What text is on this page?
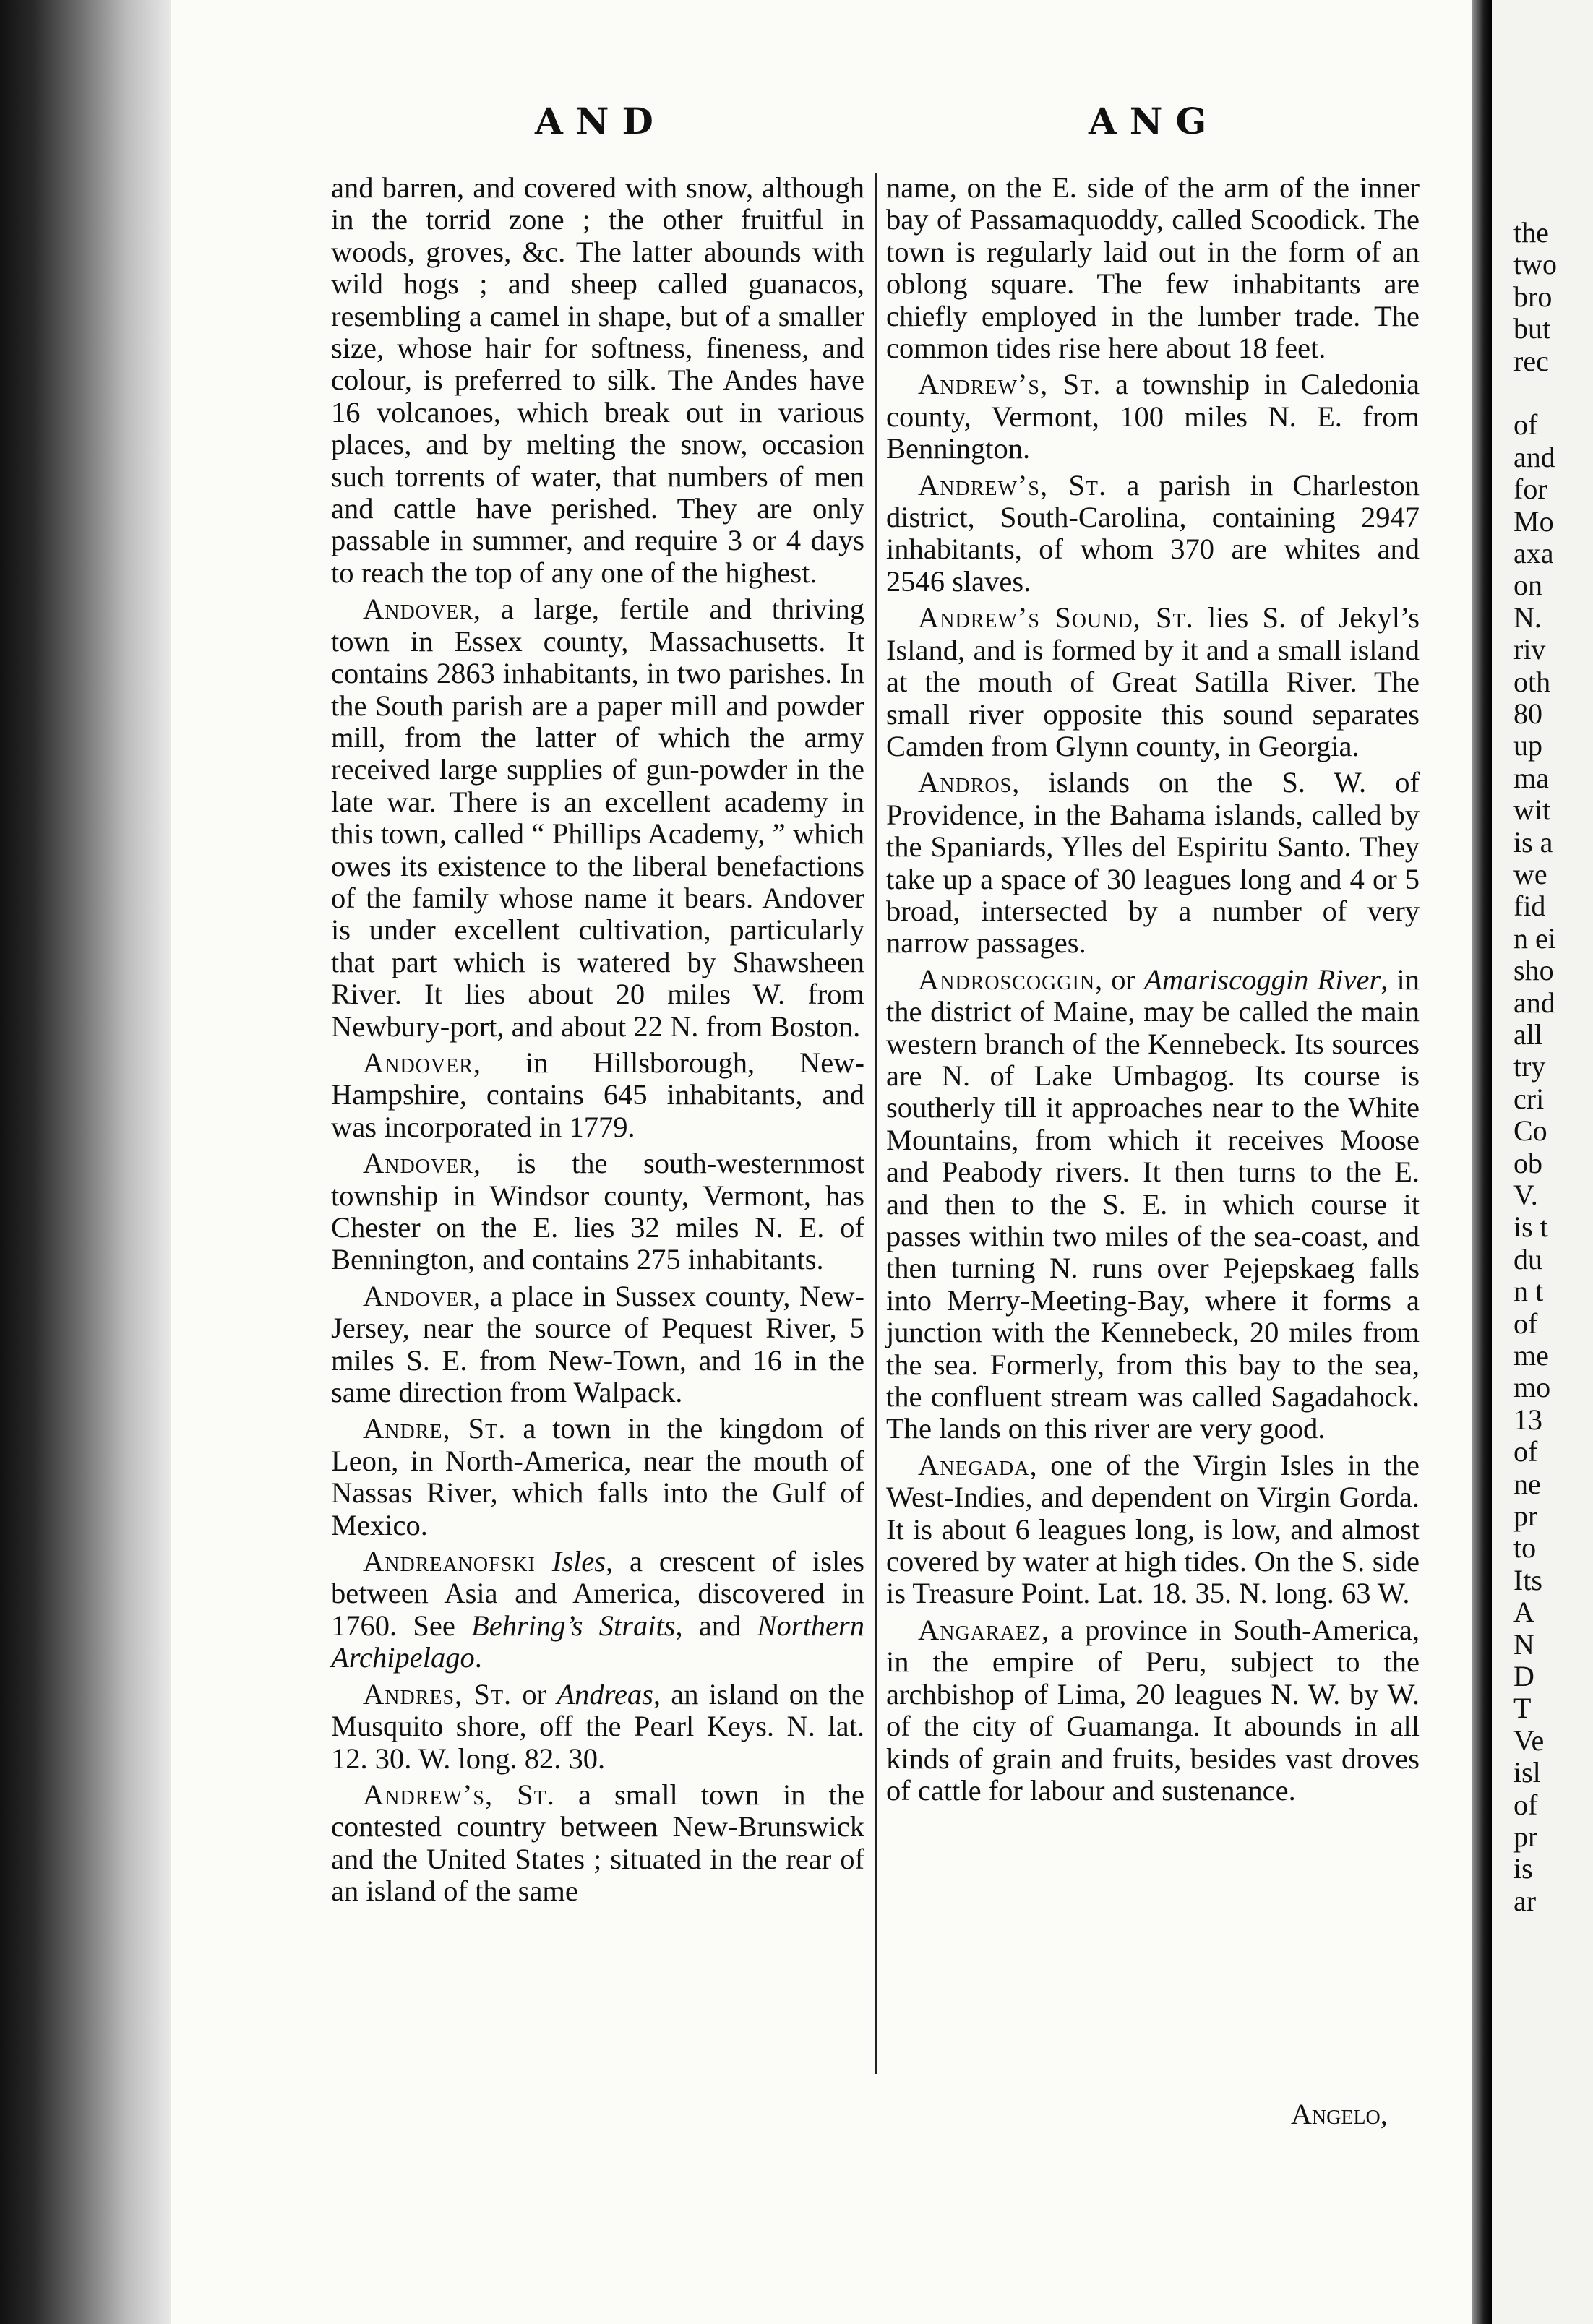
AND	ANG

and barren, and covered with snow, although in the torrid zone ; the other fruitful in woods, groves, &c. The latter abounds with wild hogs ; and sheep called guanacos, resembling a camel in shape, but of a smaller size, whose hair for softness, fineness, and colour, is preferred to silk. The Andes have 16 volcanoes, which break out in various places, and by melting the snow, occasion such torrents of water, that numbers of men and cattle have perished. They are only passable in summer, and require 3 or 4 days to reach the top of any one of the highest.

Andover, a large, fertile and thriving town in Essex county, Massachusetts. It contains 2863 inhabitants, in two parishes. In the South parish are a paper mill and powder mill, from the latter of which the army received large supplies of gun-powder in the late war. There is an excellent academy in this town, called “ Phillips Academy, ” which owes its existence to the liberal benefactions of the family whose name it bears. Andover is under excellent cultivation, particularly that part which is watered by Shawsheen River. It lies about 20 miles W. from Newbury-port, and about 22 N. from Boston.

Andover, in Hillsborough, New-Hampshire, contains 645 inhabitants, and was incorporated in 1779.

Andover, is the south-westernmost township in Windsor county, Vermont, has Chester on the E. lies 32 miles N. E. of Bennington, and contains 275 inhabitants.

Andover, a place in Sussex county, New-Jersey, near the source of Pequest River, 5 miles S. E. from New-Town, and 16 in the same direction from Walpack.

Andre, St. a town in the kingdom of Leon, in North-America, near the mouth of Nassas River, which falls into the Gulf of Mexico.

Andreanofski Isles, a crescent of isles between Asia and America, discovered in 1760. See Behring’s Straits, and Northern Archipelago.

Andres, St. or Andreas, an island on the Musquito shore, off the Pearl Keys. N. lat. 12. 30. W. long. 82. 30.

Andrew’s, St. a small town in the contested country between New-Brunswick and the United States ; situated in the rear of an island of the same

name, on the E. side of the arm of the inner bay of Passamaquoddy, called Scoodick. The town is regularly laid out in the form of an oblong square. The few inhabitants are chiefly employed in the lumber trade. The common tides rise here about 18 feet.

Andrew’s, St. a township in Caledonia county, Vermont, 100 miles N. E. from Bennington.

Andrew’s, St. a parish in Charleston district, South-Carolina, containing 2947 inhabitants, of whom 370 are whites and 2546 slaves.

Andrew’s Sound, St. lies S. of Jekyl’s Island, and is formed by it and a small island at the mouth of Great Satilla River. The small river opposite this sound separates Camden from Glynn county, in Georgia.

Andros, islands on the S. W. of Providence, in the Bahama islands, called by the Spaniards, Ylles del Espiritu Santo. They take up a space of 30 leagues long and 4 or 5 broad, intersected by a number of very narrow passages.

Androscoggin, or Amariscoggin River, in the district of Maine, may be called the main western branch of the Kennebeck. Its sources are N. of Lake Umbagog. Its course is southerly till it approaches near to the White Mountains, from which it receives Moose and Peabody rivers. It then turns to the E. and then to the S. E. in which course it passes within two miles of the sea-coast, and then turning N. runs over Pejepskaeg falls into Merry-Meeting-Bay, where it forms a junction with the Kennebeck, 20 miles from the sea. Formerly, from this bay to the sea, the confluent stream was called Sagadahock. The lands on this river are very good.

Anegada, one of the Virgin Isles in the West-Indies, and dependent on Virgin Gorda. It is about 6 leagues long, is low, and almost covered by water at high tides. On the S. side is Treasure Point. Lat. 18. 35. N. long. 63 W.

Angaraez, a province in South-America, in the empire of Peru, subject to the archbishop of Lima, 20 leagues N. W. by W. of the city of Guamanga. It abounds in all kinds of grain and fruits, besides vast droves of cattle for labour and sustenance.

Angelo,
the
two
bro
but
rec
of
and
for
Mo
axa
on
N.
riv
oth
80
up
ma
wit
is a
we
fid
n ei
sho
and
all
try
cri
Co
ob
V.
is t
du
n t
of
me
mo
13
of
ne
pr
to
Its
A
N
D
T
Ve
isl
of
pr
is
ar
